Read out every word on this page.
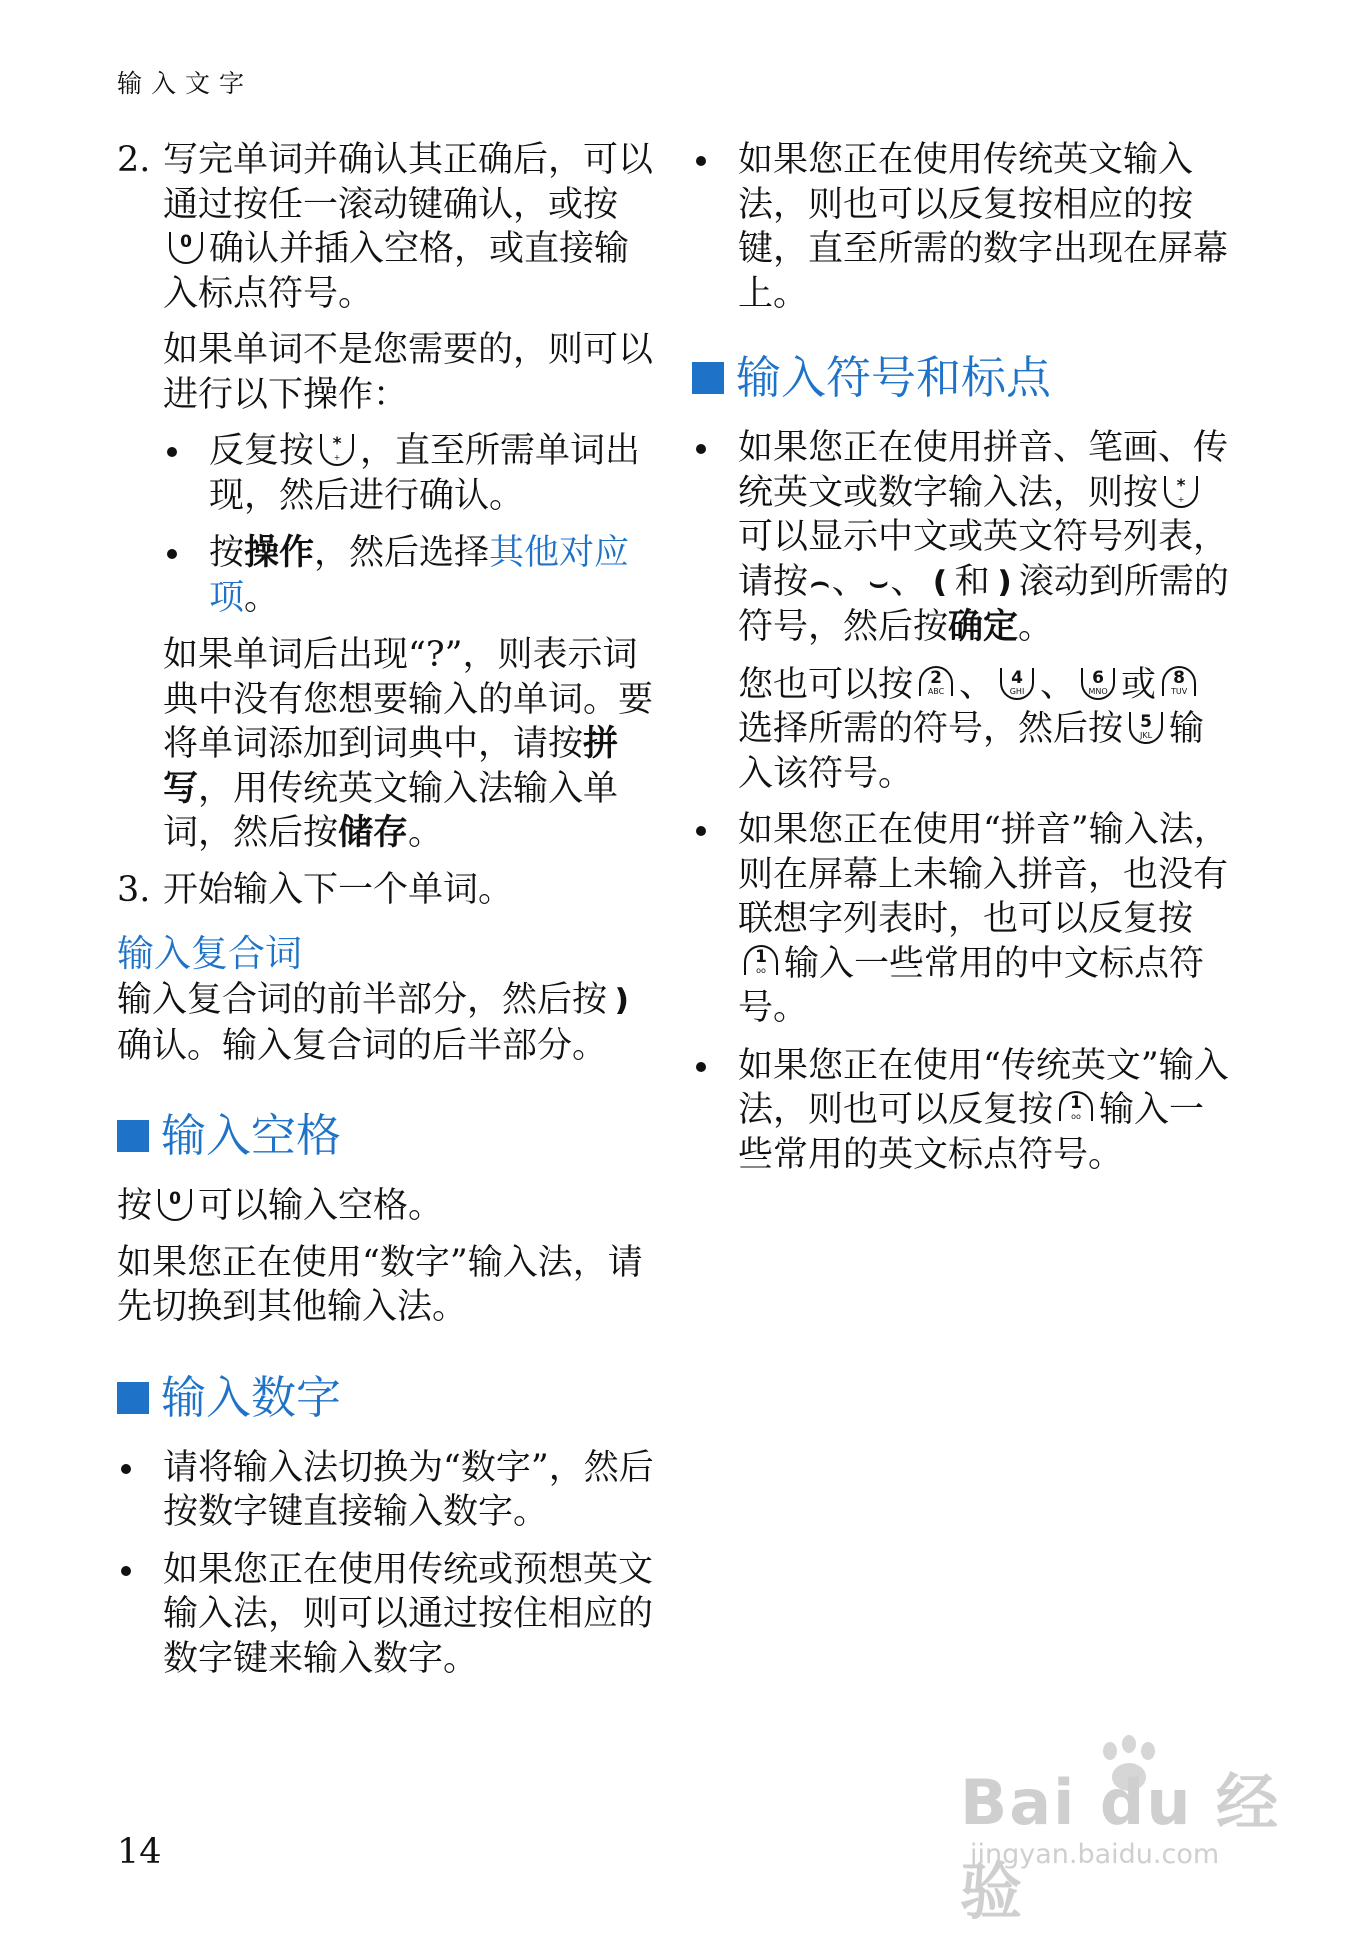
输入文字
2. 写完单词并确认其正确后，可以通过按任一滚动键确认，或按
0 确认并插入空格，或直接输入标点符号。
如果单词不是您需要的，则可以进行以下操作：
反复按	*
+ ，直至所需单词出现，然后进行确认。
按操作，然后选择其他对应项。
如果单词后出现“?”，则表示词典中没有您想要输入的单词。要将单词添加到词典中，请按拼写，用传统英文输入法输入单词，然后按储存。
3. 开始输入下一个单词。
输入复合词
输入复合词的前半部分，然后按❫确认。输入复合词的后半部分。
输入空格
按	0 可以输入空格。
如果您正在使用“数字”输入法，请先切换到其他输入法。
输入数字
请将输入法切换为“数字”，然后按数字键直接输入数字。
如果您正在使用传统或预想英文输入法，则可以通过按住相应的数字键来输入数字。
如果您正在使用传统英文输入法，则也可以反复按相应的按键，直至所需的数字出现在屏幕上。
输入符号和标点
如果您正在使用拼音、笔画、传统英文或数字输入法，则按	*
+
可以显示中文或英文符号列表，请按⌢、⌣、❪和❫滚动到所需的符号，然后按确定。
您也可以按	2
ABC 、	4
GHI 、	6
MNO 或	8
TUV
选择所需的符号，然后按	5
JKL 输入该符号。
如果您正在使用“拼音”输入法，则在屏幕上未输入拼音，也没有联想字列表时，也可以反复按
1
oo 输入一些常用的中文标点符号。
如果您正在使用“传统英文”输入法，则也可以反复按	1
oo 输入一些常用的英文标点符号。
14
Bai du 经验
jingyan.baidu.com
